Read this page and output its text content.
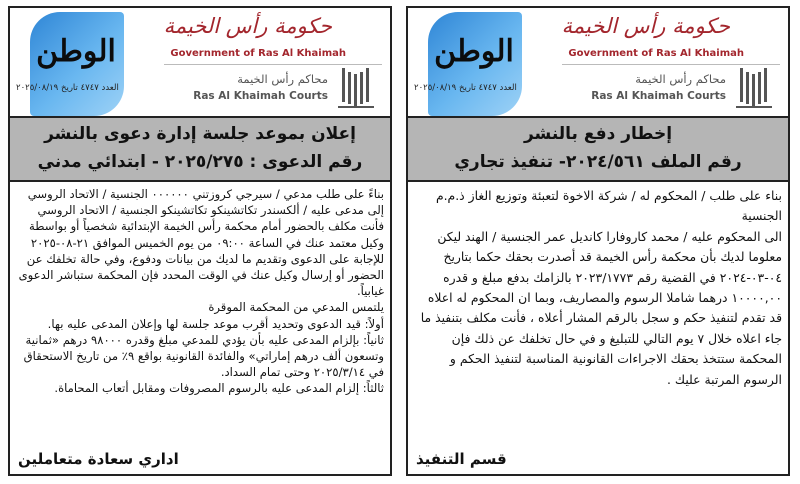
الوطن
العدد ٤٧٤٧ تاريخ ٢٠٢٥/٠٨/١٩
حكومة رأس الخيمة
Government of Ras Al Khaimah
محاكم رأس الخيمة
Ras Al Khaimah Courts
إعلان بموعد جلسة إدارة دعوى بالنشر
رقم الدعوى : ٢٠٢٥/٢٧٥ - ابتدائي مدني

بناءً على طلب مدعي / سيرجي كروزتني ٠٠٠٠٠٠ الجنسية / الاتحاد الروسي

إلى مدعى عليه / ألكسندر تكاتشينكو تكاتشينكو الجنسية / الاتحاد الروسي

فأنت مكلف بالحضور أمام محكمة رأس الخيمة الإبتدائية شخصياً أو بواسطة وكيل معتمد عنك في الساعة ٠٩:٠٠ من يوم الخميس الموافق ٢١-٠٨-٢٠٢٥ للإجابة على الدعوى وتقديم ما لديك من بيانات ودفوع، وفي حالة تخلفك عن الحضور أو إرسال وكيل عنك في الوقت المحدد فإن المحكمة ستباشر الدعوى غيابياً.

يلتمس المدعي من المحكمة الموقرة

أولاً: قيد الدعوى وتحديد أقرب موعد جلسة لها وإعلان المدعى عليه بها.

ثانياً: بإلزام المدعى عليه بأن يؤدي للمدعي مبلغ وقدره ٩٨٠٠٠ درهم «ثمانية وتسعون ألف درهم إماراتي» والفائدة القانونية بواقع ٩٪ من تاريخ الاستحقاق في ٢٠٢٥/٣/١٤ وحتى تمام السداد.

ثالثاً: إلزام المدعى عليه بالرسوم المصروفات ومقابل أتعاب المحاماة.

اداري سعادة متعاملين
الوطن
العدد ٤٧٤٧ تاريخ ٢٠٢٥/٠٨/١٩
حكومة رأس الخيمة
Government of Ras Al Khaimah
محاكم رأس الخيمة
Ras Al Khaimah Courts
إخطار دفع بالنشر
رقم الملف ٢٠٢٤/٥٦١- تنفيذ تجاري

بناء على طلب / المحكوم له / شركة الاخوة لتعبئة وتوزيع الغاز ذ.م.م الجنسية

الى المحكوم عليه / محمد كاروفارا كانديل عمر الجنسية / الهند ليكن معلوما لديك بأن محكمة رأس الخيمة قد أصدرت بحقك حكما بتاريخ ٠٤-٠٣-٢٠٢٤ في القضية رقم ٢٠٢٣/١٧٧٣ بالزامك بدفع مبلغ و قدره ١٠٠٠٠,٠٠ درهما شاملا الرسوم والمصاريف، وبما ان المحكوم له اعلاه قد تقدم لتنفيذ حكم و سجل بالرقم المشار أعلاه ، فأنت مكلف بتنفيذ ما جاء اعلاه خلال ٧ يوم التالي للتبليغ و في حال تخلفك عن ذلك فإن المحكمة ستتخذ بحقك الاجراءات القانونية المناسبة لتنفيذ الحكم و الرسوم المرتبة عليك .

قسم التنفيذ
